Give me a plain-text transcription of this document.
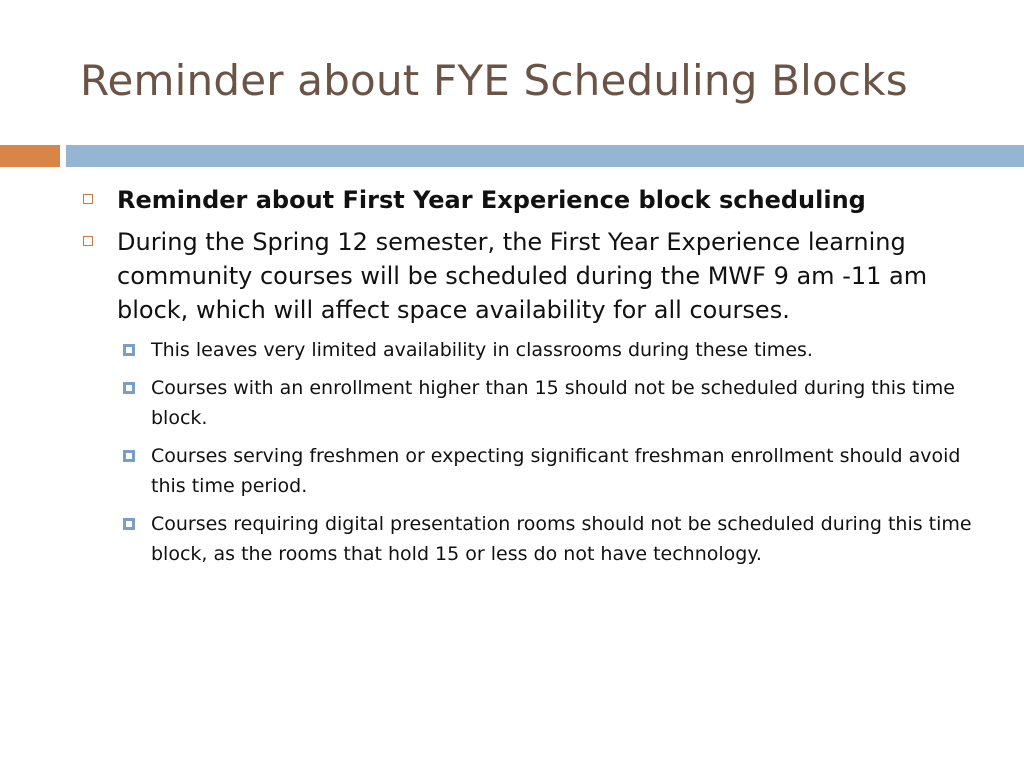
Reminder about FYE Scheduling Blocks
Reminder about First Year Experience block scheduling
During the Spring 12 semester, the First Year Experience learning community courses will be scheduled during the MWF 9 am -11 am block, which will affect space availability for all courses.
This leaves very limited availability in classrooms during these times.
Courses with an enrollment higher than 15 should not be scheduled during this time block.
Courses serving freshmen or expecting significant freshman enrollment should avoid this time period.
Courses requiring digital presentation rooms should not be scheduled during this time block, as the rooms that hold 15 or less do not have technology.
